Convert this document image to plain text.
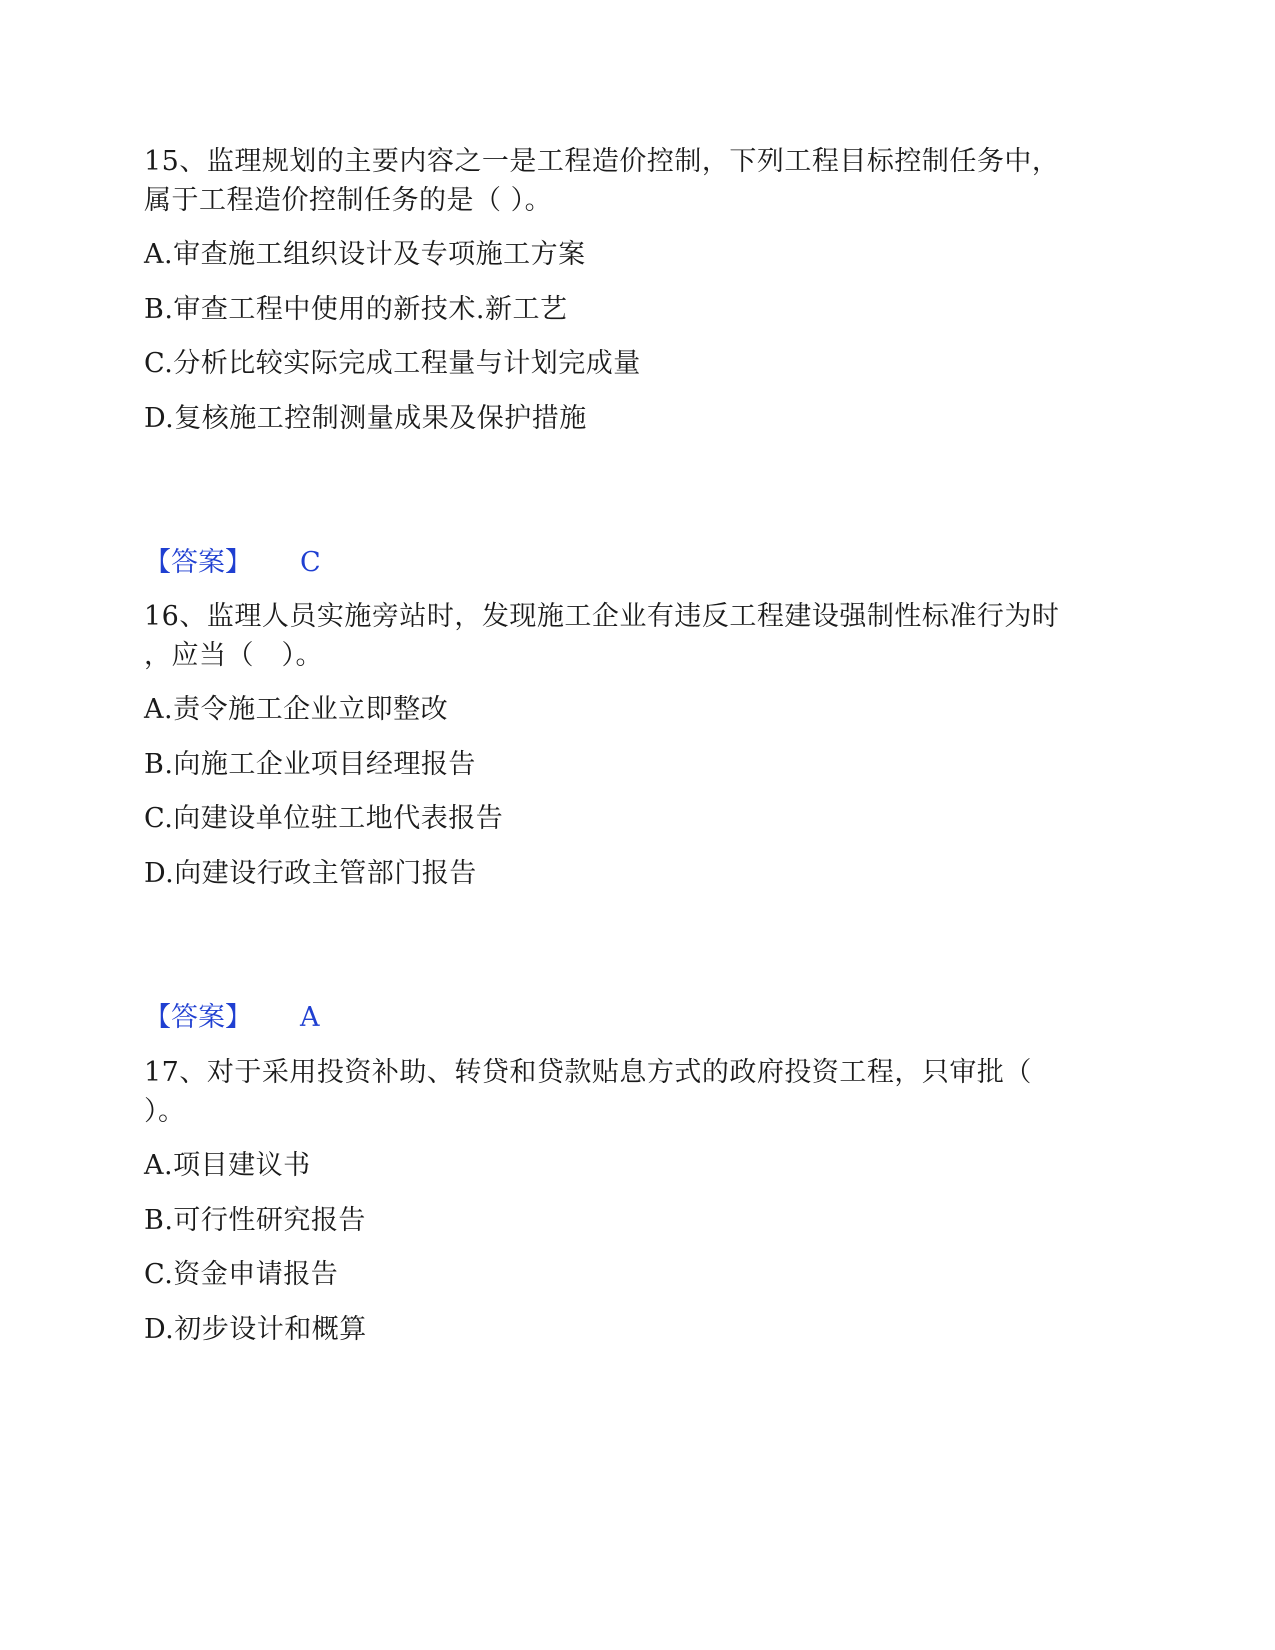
15、监理规划的主要内容之一是工程造价控制，下列工程目标控制任务中，
属于工程造价控制任务的是（ ）。
A.审查施工组织设计及专项施工方案
B.审查工程中使用的新技术.新工艺
C.分析比较实际完成工程量与计划完成量
D.复核施工控制测量成果及保护措施
【答案】 C
16、监理人员实施旁站时，发现施工企业有违反工程建设强制性标准行为时
，应当（　）。
A.责令施工企业立即整改
B.向施工企业项目经理报告
C.向建设单位驻工地代表报告
D.向建设行政主管部门报告
【答案】 A
17、对于采用投资补助、转贷和贷款贴息方式的政府投资工程，只审批（
）。
A.项目建议书
B.可行性研究报告
C.资金申请报告
D.初步设计和概算
